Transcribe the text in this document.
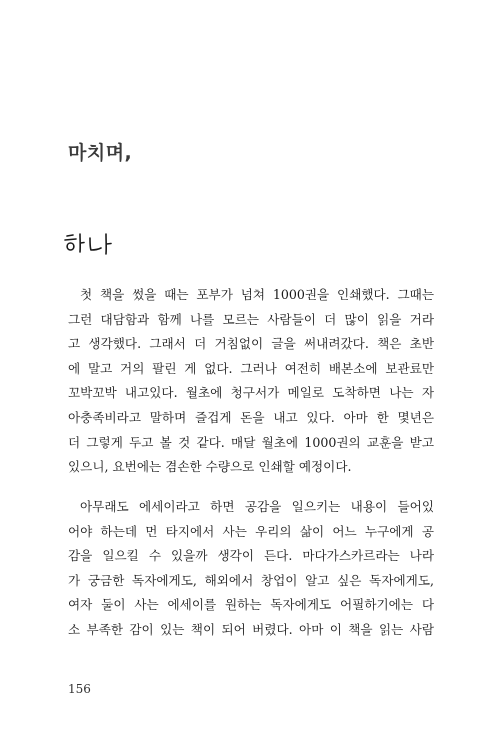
마치며,
첫 책을 썼을 때는 포부가 넘쳐 1000권을 인쇄했다. 그때는
그런 대담함과 함께 나를 모르는 사람들이 더 많이 읽을 거라
고 생각했다. 그래서 더 거침없이 글을 써내려갔다. 책은 초반
에 말고 거의 팔린 게 없다. 그러나 여전히 배본소에 보관료만
꼬박꼬박 내고있다. 월초에 청구서가 메일로 도착하면 나는 자
아충족비라고 말하며 즐겁게 돈을 내고 있다. 아마 한 몇년은
더 그렇게 두고 볼 것 같다. 매달 월초에 1000권의 교훈을 받고
있으니, 요번에는 겸손한 수량으로 인쇄할 예정이다.
아무래도 에세이라고 하면 공감을 일으키는 내용이 들어있
어야 하는데 먼 타지에서 사는 우리의 삶이 어느 누구에게 공
감을 일으킬 수 있을까 생각이 든다. 마다가스카르라는 나라
가 궁금한 독자에게도, 해외에서 창업이 알고 싶은 독자에게도,
여자 둘이 사는 에세이를 원하는 독자에게도 어필하기에는 다
소 부족한 감이 있는 책이 되어 버렸다. 아마 이 책을 읽는 사람

156
